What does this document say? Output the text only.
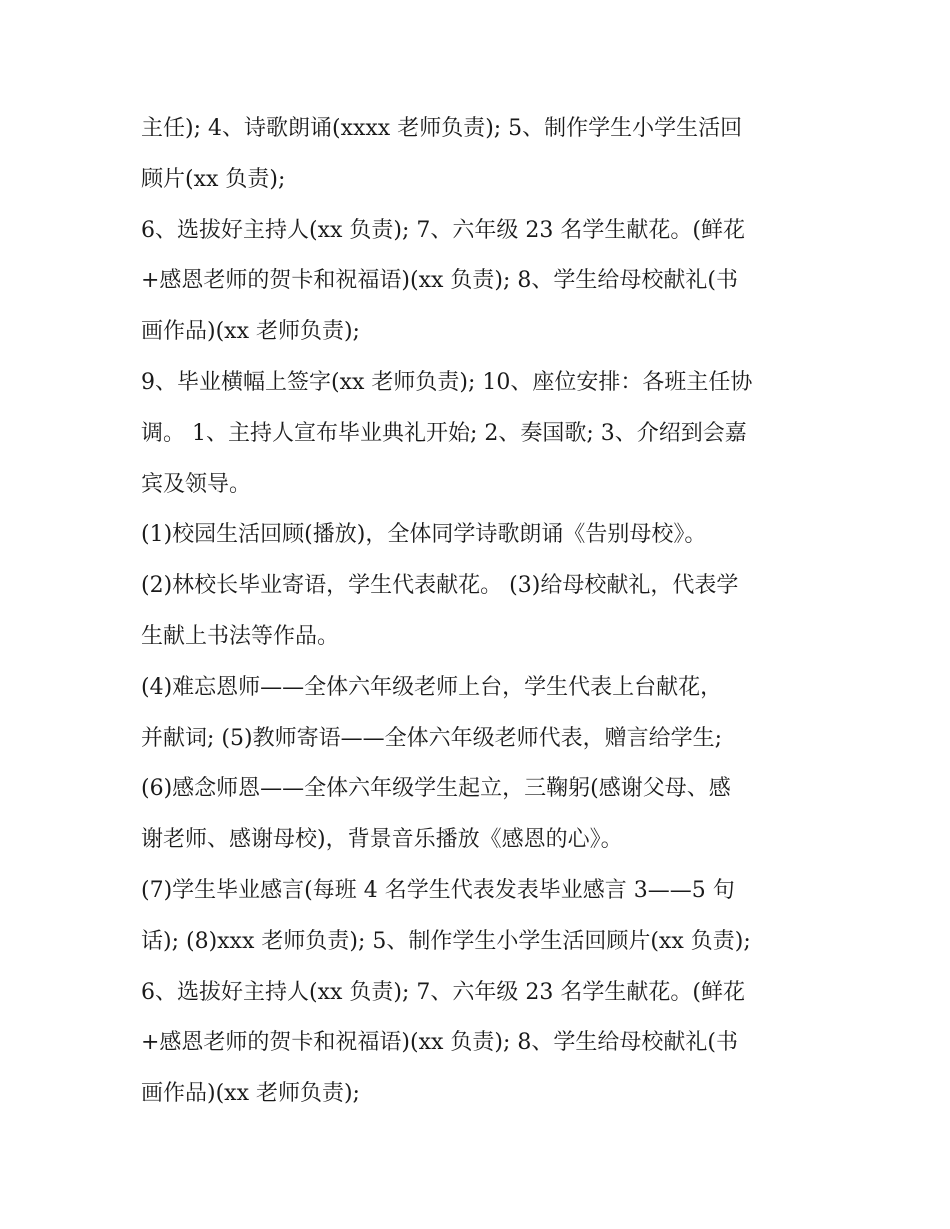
主任); 4、诗歌朗诵(xxxx 老师负责); 5、制作学生小学生活回
顾片(xx 负责);
6、选拔好主持人(xx 负责); 7、六年级 23 名学生献花。(鲜花
+感恩老师的贺卡和祝福语)(xx 负责); 8、学生给母校献礼(书
画作品)(xx 老师负责);
9、毕业横幅上签字(xx 老师负责); 10、座位安排：各班主任协
调。 1、主持人宣布毕业典礼开始; 2、奏国歌; 3、介绍到会嘉
宾及领导。
(1)校园生活回顾(播放)，全体同学诗歌朗诵《告别母校》。
(2)林校长毕业寄语，学生代表献花。 (3)给母校献礼，代表学
生献上书法等作品。
(4)难忘恩师——全体六年级老师上台，学生代表上台献花，
并献词; (5)教师寄语——全体六年级老师代表，赠言给学生;
(6)感念师恩——全体六年级学生起立，三鞠躬(感谢父母、感
谢老师、感谢母校)，背景音乐播放《感恩的心》。
(7)学生毕业感言(每班 4 名学生代表发表毕业感言 3——5 句
话); (8)xxx 老师负责); 5、制作学生小学生活回顾片(xx 负责);
6、选拔好主持人(xx 负责); 7、六年级 23 名学生献花。(鲜花
+感恩老师的贺卡和祝福语)(xx 负责); 8、学生给母校献礼(书
画作品)(xx 老师负责);
